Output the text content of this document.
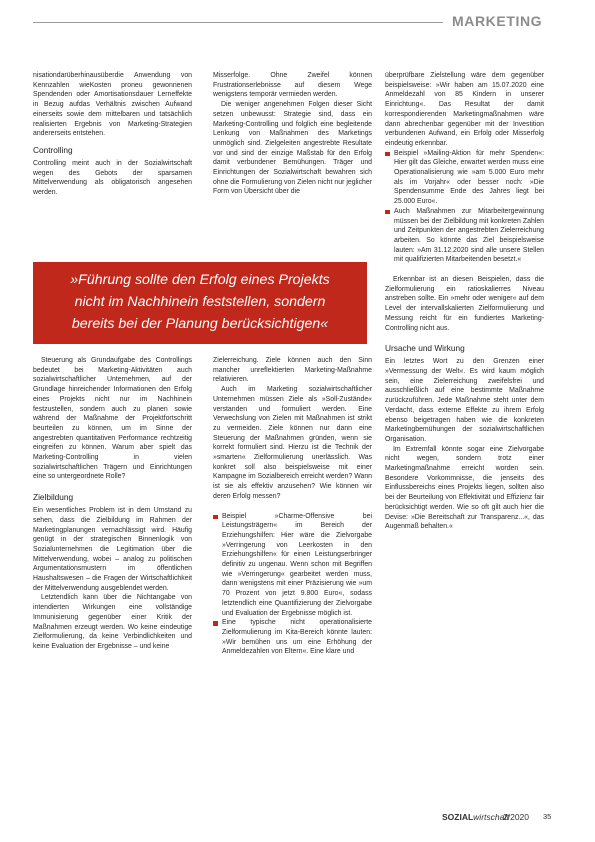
MARKETING

nisationdarüberhinausüberdie Anwendung von Kennzahlen wieKosten proneu gewonnenen Spendenden oder Amortisationsdauer Lerneffekte in Bezug aufdas Verhältnis zwischen Aufwand einerseits sowie dem mittelbaren und tatsächlich realisierten Ergebnis von Marketing-Strategien andererseits entstehen.

Controlling

Controlling meint auch in der Sozialwirtschaft wegen des Gebots der sparsamen Mittelverwendung als obligatorisch angesehen werden.

Misserfolge. Ohne Zweifel können Frustrationserlebnisse auf diesem Wege wenigstens temporär vermieden werden.

Die weniger angenehmen Folgen dieser Sicht setzen unbewusst: Strategie sind, dass ein Marketing-Controlling und folglich eine begleitende Lenkung von Maßnahmen des Marketings unmöglich sind. Zielgeleiten angestrebte Resultate vor und sind der einzige Maßstab für den Erfolg damit verbundener Bemühungen. Träger und Einrichtungen der Sozialwirtschaft bewahren sich ohne die Formulierung von Zielen nicht nur jeglicher Form von Übersicht über die

überprüfbare Zielstellung wäre dem gegenüber beispielsweise: »Wir haben am 15.07.2020 eine Anmeldezahl von 85 Kindern in unserer Einrichtung«. Das Resultat der damit korrespondierenden Marketingmaßnahmen wäre dann abrechenbar gegenüber mit der Investition verbundenen Aufwand, ein Erfolg oder Misserfolg eindeutig erkennbar.

Beispiel »Mailing-Aktion für mehr Spenden«: Hier gilt das Gleiche, erwartet werden muss eine Operationalisierung wie »am 5.000 Euro mehr als im Vorjahr« oder besser noch: »Die Spendensumme Ende des Jahres liegt bei 25.000 Euro«.
Auch Maßnahmen zur Mitarbeitergewinnung müssen bei der Zielbildung mit konkreten Zahlen und Zeitpunkten der angestrebten Zielerreichung arbeiten. So könnte das Ziel beispielsweise lauten: »Am 31.12.2020 sind alle unsere Stellen mit qualifizierten Mitarbeitenden besetzt.«

Erkennbar ist an diesen Beispielen, dass die Zielformulierung ein ratioskalierres Niveau anstreben sollte. Ein »mehr oder weniger« auf dem Level der intervallskalierten Zielformulierung und Messung reicht für ein fundiertes Marketing-Controlling nicht aus.

Ursache und Wirkung

Ein letztes Wort zu den Grenzen einer »Vermessung der Welt«. Es wird kaum möglich sein, eine Zielerreichung zweifelsfrei und ausschließlich auf eine bestimmte Maßnahme zurückzuführen. Jede Maßnahme steht unter dem Verdacht, dass externe Effekte zu ihrem Erfolg ebenso beigetragen haben wie die konkreten Marketingbemühungen der sozialwirtschaftlichen Organisation.

Im Extremfall könnte sogar eine Zielvorgabe nicht wegen, sondern trotz einer Marketingmaßnahme erreicht worden sein. Besondere Vorkommnisse, die jenseits des Einflussbereichs eines Projekts liegen, sollten also bei der Beurteilung von Effektivität und Effizienz fair berücksichtigt werden. Wie so oft gilt auch hier die Devise: »Die Bereitschaft zur Transparenz...«, das Augenmaß behalten.«

»Führung sollte den Erfolg eines Projekts
nicht im Nachhinein feststellen, sondern
bereits bei der Planung berücksichtigen«

Steuerung als Grundaufgabe des Controllings bedeutet bei Marketing-Aktivitäten auch sozialwirtschaftlicher Unternehmen, auf der Grundlage hinreichender Informationen den Erfolg eines Projekts nicht nur im Nachhinein festzustellen, sondern auch zu planen sowie während der Maßnahme der Projektfortschritt beurteilen zu können, um im Sinne der angestrebten quantitativen Performance rechtzeitig eingreifen zu können. Warum aber spielt das Marketing-Controlling in vielen sozialwirtschaftlichen Trägern und Einrichtungen eine so untergeordnete Rolle?

Zielbildung

Ein wesentliches Problem ist in dem Umstand zu sehen, dass die Zielbildung im Rahmen der Marketingplanungen vernachlässigt wird. Häufig genügt in der strategischen Binnenlogik von Sozialunternehmen die Legitimation über die Mittelverwendung, wobei – analog zu politischen Argumentationsmustern im öffentlichen Haushaltswesen – die Fragen der Wirtschaftlichkeit der Mittelverwendung ausgeblendet werden.

Letztendlich kann über die Nichtangabe von intendierten Wirkungen eine vollständige Immunisierung gegenüber einer Kritik der Maßnahmen erzeugt werden. Wo keine eindeutige Zielformulierung, da keine Verbindlichkeiten und keine Evaluation der Ergebnisse – und keine

Zielerreichung. Ziele können auch den Sinn mancher unreflektierten Marketing-Maßnahme relativieren.

Auch im Marketing sozialwirtschaftlicher Unternehmen müssen Ziele als »Soll-Zustände« verstanden und formuliert werden. Eine Verwechslung von Zielen mit Maßnahmen ist strikt zu vermeiden. Ziele können nur dann eine Steuerung der Maßnahmen gründen, wenn sie korrekt formuliert sind. Hierzu ist die Technik der »smarten« Zielformulierung unerlässlich. Was konkret soll also beispielsweise mit einer Kampagne im Sozialbereich erreicht werden? Wann ist sie als effektiv anzusehen? Wie können wir deren Erfolg messen?

Beispiel »Charme-Offensive bei Leistungsträgern« im Bereich der Erziehungshilfen: Hier wäre die Zielvorgabe »Verringerung von Leerkosten in den Erziehungshilfen« für einen Leistungserbringer definitiv zu ungenau. Wenn schon mit Begriffen wie »Verringerung« gearbeitet werden muss, dann wenigstens mit einer Präzisierung wie »um 70 Prozent von jetzt 9.800 Euro«, sodass letztendlich eine Quantifizierung der Zielvorgabe und Evaluation der Ergebnisse möglich ist.
Eine typische nicht operationalisierte Zielformulierung im Kita-Bereich könnte lauten: »Wir bemühen uns um eine Erhöhung der Anmeldezahlen von Eltern«. Eine klare und
SOZIALwirtschaft
2/2020 35
